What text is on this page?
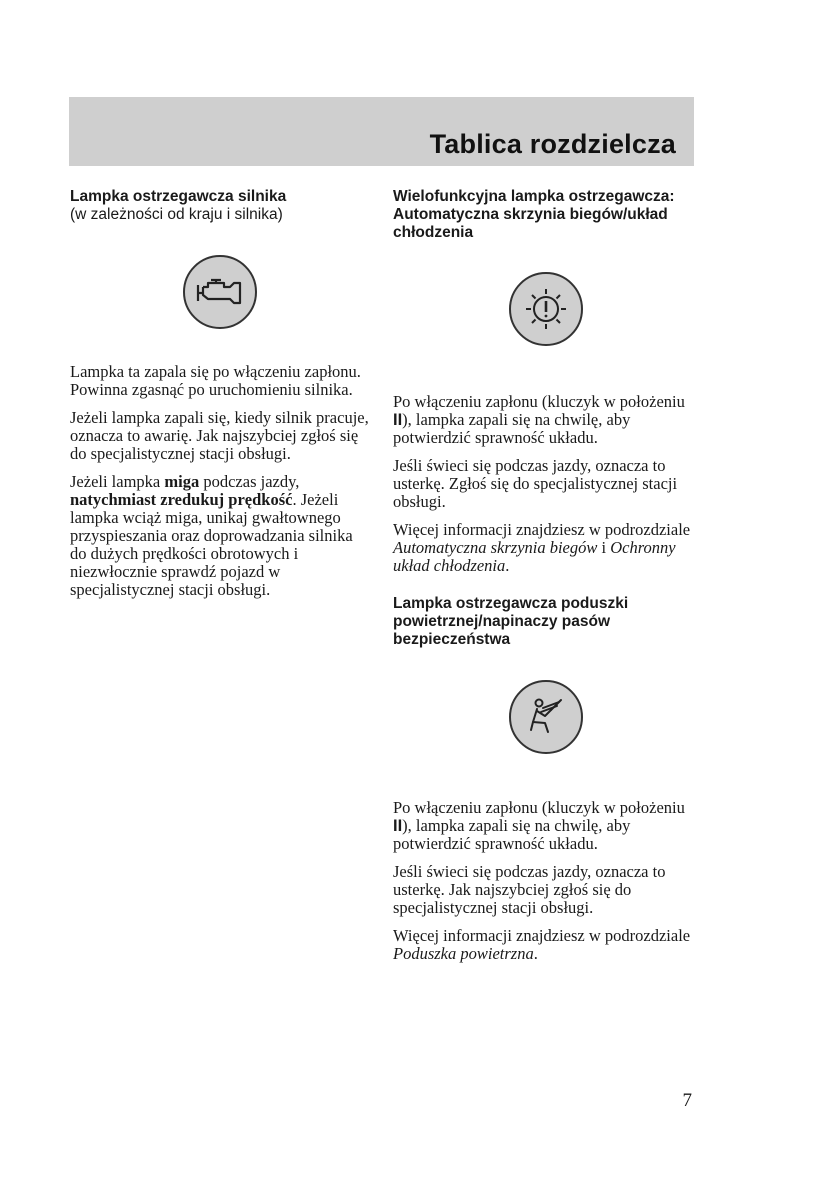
Tablica rozdzielcza

Lampka ostrzegawcza silnika

(w zależności od kraju i silnika)

Lampka ta zapala się po włączeniu zapłonu. Powinna zgasnąć po uruchomieniu silnika.

Jeżeli lampka zapali się, kiedy silnik pracuje, oznacza to awarię. Jak najszybciej zgłoś się do specjalistycznej stacji obsługi.

Jeżeli lampka miga podczas jazdy, natychmiast zredukuj prędkość. Jeżeli lampka wciąż miga, unikaj gwałtownego przyspieszania oraz doprowadzania silnika do dużych prędkości obrotowych i niezwłocznie sprawdź pojazd w specjalistycznej stacji obsługi.

Wielofunkcyjna lampka ostrzegawcza: Automatyczna skrzynia biegów/układ chłodzenia

Po włączeniu zapłonu (kluczyk w położeniu II), lampka zapali się na chwilę, aby potwierdzić sprawność układu.

Jeśli świeci się podczas jazdy, oznacza to usterkę. Zgłoś się do specjalistycznej stacji obsługi.

Więcej informacji znajdziesz w podrozdziale Automatyczna skrzynia biegów i Ochronny układ chłodzenia.

Lampka ostrzegawcza poduszki powietrznej/napinaczy pasów bezpieczeństwa

Po włączeniu zapłonu (kluczyk w położeniu II), lampka zapali się na chwilę, aby potwierdzić sprawność układu.

Jeśli świeci się podczas jazdy, oznacza to usterkę. Jak najszybciej zgłoś się do specjalistycznej stacji obsługi.

Więcej informacji znajdziesz w podrozdziale Poduszka powietrzna.

7
